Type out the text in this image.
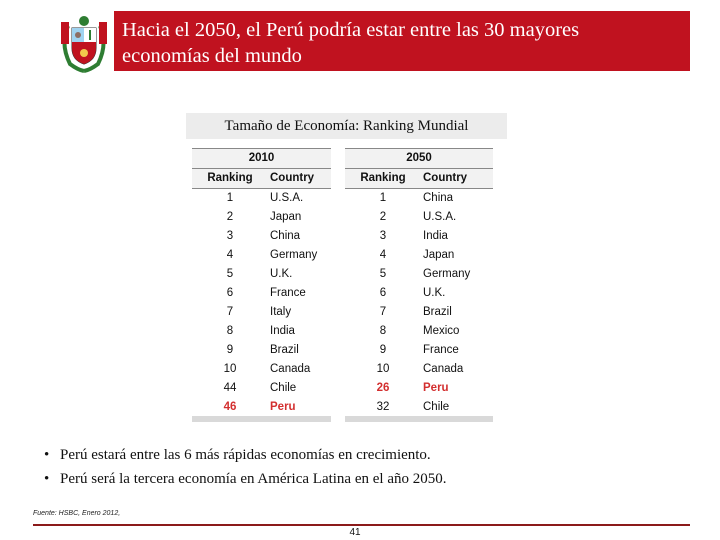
Hacia el 2050, el Perú podría estar entre las 30 mayores
economías del mundo
Tamaño de Economía: Ranking Mundial
2010
Ranking	Country
1	U.S.A.
2	Japan
3	China
4	Germany
5	U.K.
6	France
7	Italy
8	India
9	Brazil
10	Canada
44	Chile
46	Peru
2050
Ranking	Country
1	China
2	U.S.A.
3	India
4	Japan
5	Germany
6	U.K.
7	Brazil
8	Mexico
9	France
10	Canada
26	Peru
32	Chile
• Perú estará entre las 6 más rápidas economías en crecimiento.
• Perú será la tercera economía en América Latina en el año 2050.
Fuente: HSBC, Enero 2012,
41
